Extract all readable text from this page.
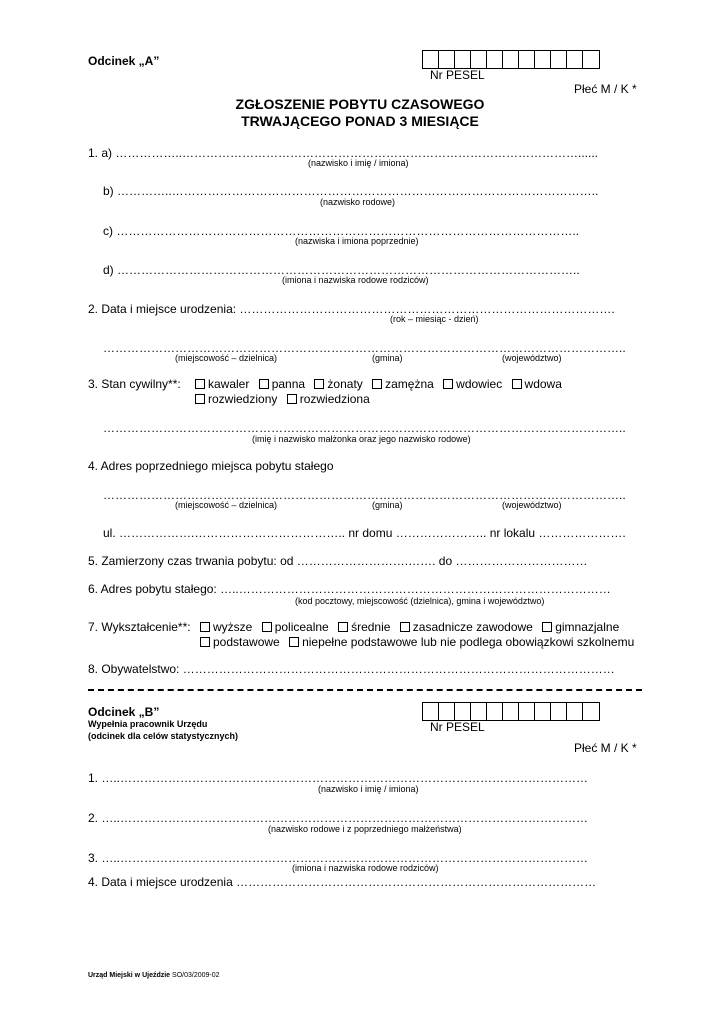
Odcinek „A”
Nr PESEL
Płeć M / K *
ZGŁOSZENIE POBYTU CZASOWEGO
TRWAJĄCEGO PONAD 3 MIESIĄCE
1. a) ……………..………………………………………………………………………………………......
(nazwisko i imię / imiona)
b) …………..……………………………………………………………………………………………..
(nazwisko rodowe)
c) ……………………………………………………………………………………………………..
(nazwiska i imiona poprzednie)
d) ……………………………………………………………………………………………………..
(imiona i nazwiska rodowe rodziców)
2. Data i miejsce urodzenia: ………………………………………………………………………………….
(rok – miesiąc - dzień)
…………………………………………………………………………………………………………………..
(miejscowość – dzielnica)	(gmina)	(województwo)
3. Stan cywilny**:	kawaler panna żonaty zamężna wdowiec wdowa
rozwiedziony rozwiedziona
…………………………………………………………………………………………………………………..
(imię i nazwisko małżonka oraz jego nazwisko rodowe)
4. Adres poprzedniego miejsca pobytu stałego
…………………………………………………………………………………………………………………..
(miejscowość – dzielnica)	(gmina)	(województwo)
ul. ……………….……………………………….. nr domu ………………….. nr lokalu ………………….
5. Zamierzony czas trwania pobytu: od ……………………….……. do ……………………………
6. Adres pobytu stałego: …..…………………………………………………………………………………
(kod pocztowy, miejscowość (dzielnica), gmina i województwo)
7. Wykształcenie**:	wyższe policealne średnie zasadnicze zawodowe gimnazjalne
podstawowe niepełne podstawowe lub nie podlega obowiązkowi szkolnemu
8. Obywatelstwo: ………………………………………………………………………………………………
Odcinek „B”
Wypełnia pracownik Urzędu
(odcinek dla celów statystycznych)
Nr PESEL
Płeć M / K *
1. …..………………………………………………………………………………………………………
(nazwisko i imię / imiona)
2. …..………………………………………………………………………………………………………
(nazwisko rodowe i z poprzedniego małżeństwa)
3. …..………………………………………………………………………………………………………
(imiona i nazwiska rodowe rodziców)
4. Data i miejsce urodzenia ………………………………………………………………………………
Urząd Miejski w Ujeździe SO/03/2009-02
